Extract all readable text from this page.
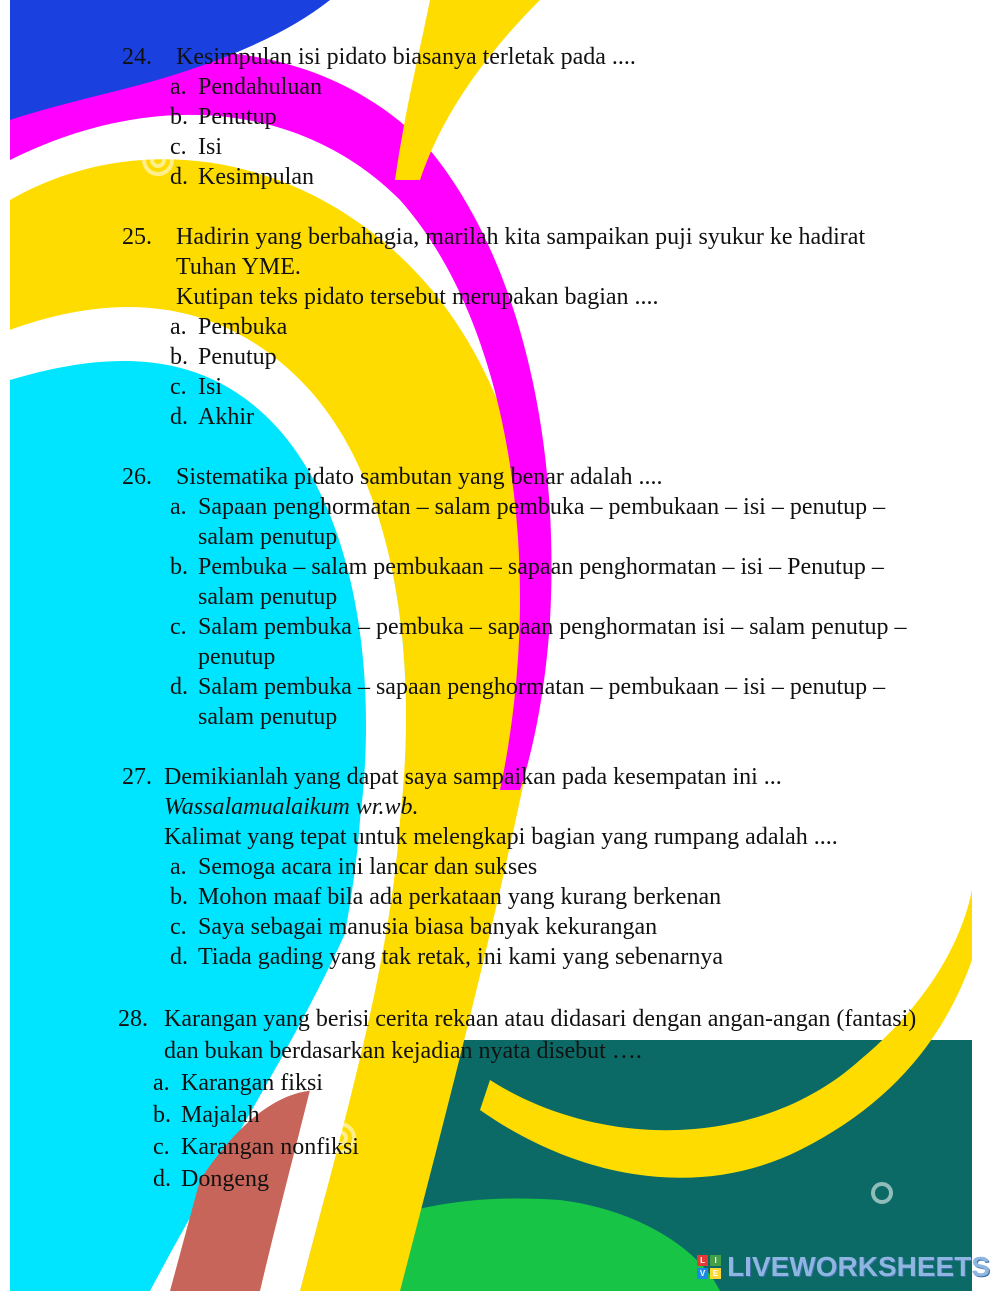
24. Kesimpulan isi pidato biasanya terletak pada ....
a. Pendahuluan
b. Penutup
c. Isi
d. Kesimpulan
25. Hadirin yang berbahagia, marilah kita sampaikan puji syukur ke hadirat
Tuhan YME.
Kutipan teks pidato tersebut merupakan bagian ....
a. Pembuka
b. Penutup
c. Isi
d. Akhir
26. Sistematika pidato sambutan yang benar adalah ....
a. Sapaan penghormatan – salam pembuka – pembukaan – isi – penutup –
salam penutup
b. Pembuka – salam pembukaan – sapaan penghormatan – isi – Penutup –
salam penutup
c. Salam pembuka – pembuka – sapaan penghormatan isi – salam penutup –
penutup
d. Salam pembuka – sapaan penghormatan – pembukaan – isi – penutup –
salam penutup
27. Demikianlah yang dapat saya sampaikan pada kesempatan ini ...
Wassalamualaikum wr.wb.
Kalimat yang tepat untuk melengkapi bagian yang rumpang adalah ....
a. Semoga acara ini lancar dan sukses
b. Mohon maaf bila ada perkataan yang kurang berkenan
c. Saya sebagai manusia biasa banyak kekurangan
d. Tiada gading yang tak retak, ini kami yang sebenarnya
28. Karangan yang berisi cerita rekaan atau didasari dengan angan-angan (fantasi)
dan bukan berdasarkan kejadian nyata disebut ….
a. Karangan fiksi
b. Majalah
c. Karangan nonfiksi
d. Dongeng
L	I
V E LIVEWORKSHEETS
